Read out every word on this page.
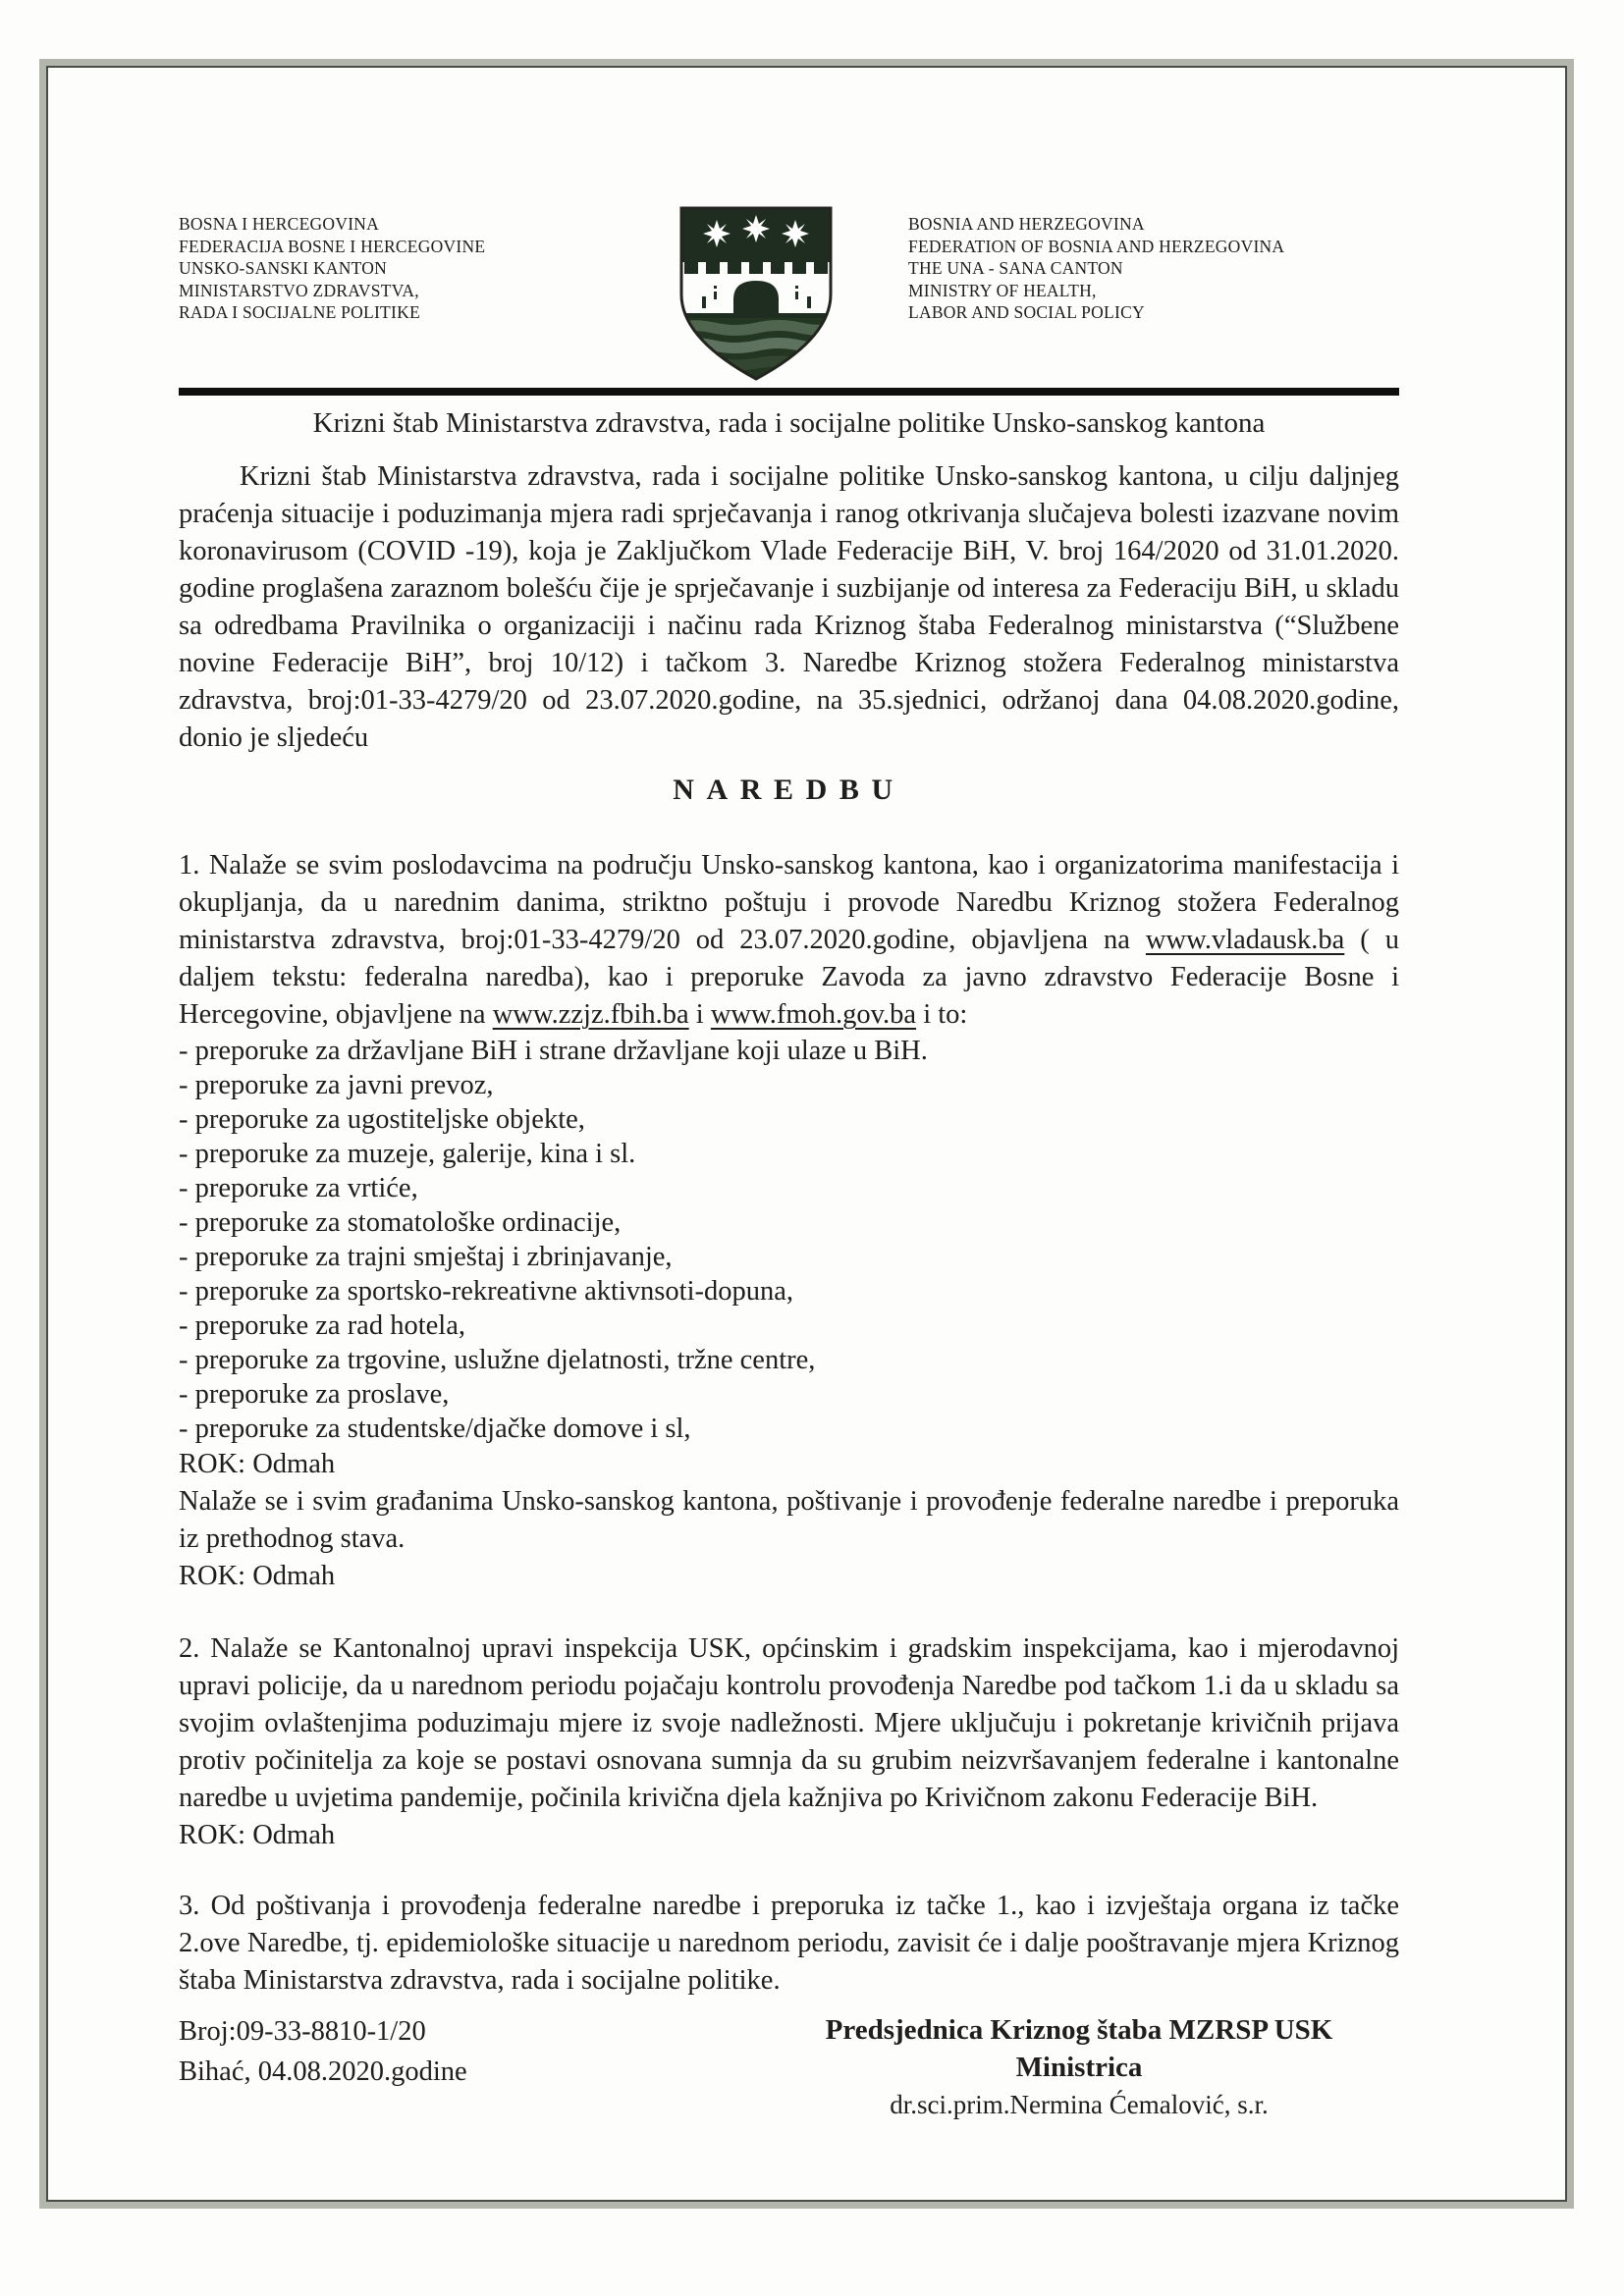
BOSNA I HERCEGOVINA
FEDERACIJA BOSNE I HERCEGOVINE
UNSKO-SANSKI KANTON
MINISTARSTVO ZDRAVSTVA,
RADA I SOCIJALNE POLITIKE
BOSNIA AND HERZEGOVINA
FEDERATION OF BOSNIA AND HERZEGOVINA
THE UNA - SANA CANTON
MINISTRY OF HEALTH,
LABOR AND SOCIAL POLICY
Krizni štab Ministarstva zdravstva, rada i socijalne politike Unsko-sanskog kantona

Krizni štab Ministarstva zdravstva, rada i socijalne politike Unsko-sanskog kantona, u cilju daljnjeg praćenja situacije i poduzimanja mjera radi sprječavanja i ranog otkrivanja slučajeva bolesti izazvane novim koronavirusom (COVID -19), koja je Zaključkom Vlade Federacije BiH, V. broj 164/2020 od 31.01.2020. godine proglašena zaraznom bolešću čije je sprječavanje i suzbijanje od interesa za Federaciju BiH, u skladu sa odredbama Pravilnika o organizaciji i načinu rada Kriznog štaba Federalnog ministarstva (“Službene novine Federacije BiH”, broj 10/12) i tačkom 3. Naredbe Kriznog stožera Federalnog ministarstva zdravstva, broj:01-33-4279/20 od 23.07.2020.godine, na 35.sjednici, održanoj dana 04.08.2020.godine, donio je sljedeću

NAREDBU

1. Nalaže se svim poslodavcima na području Unsko-sanskog kantona, kao i organizatorima manifestacija i okupljanja, da u narednim danima, striktno poštuju i provode Naredbu Kriznog stožera Federalnog ministarstva zdravstva, broj:01-33-4279/20 od 23.07.2020.godine, objavljena na www.vladausk.ba ( u daljem tekstu: federalna naredba), kao i preporuke Zavoda za javno zdravstvo Federacije Bosne i Hercegovine, objavljene na www.zzjz.fbih.ba i www.fmoh.gov.ba i to:

- preporuke za državljane BiH i strane državljane koji ulaze u BiH.
- preporuke za javni prevoz,
- preporuke za ugostiteljske objekte,
- preporuke za muzeje, galerije, kina i sl.
- preporuke za vrtiće,
- preporuke za stomatološke ordinacije,
- preporuke za trajni smještaj i zbrinjavanje,
- preporuke za sportsko-rekreativne aktivnsoti-dopuna,
- preporuke za rad hotela,
- preporuke za trgovine, uslužne djelatnosti, tržne centre,
- preporuke za proslave,
- preporuke za studentske/djačke domove i sl,
ROK: Odmah

Nalaže se i svim građanima Unsko-sanskog kantona, poštivanje i provođenje federalne naredbe i preporuka iz prethodnog stava.

ROK: Odmah

2. Nalaže se Kantonalnoj upravi inspekcija USK, općinskim i gradskim inspekcijama, kao i mjerodavnoj upravi policije, da u narednom periodu pojačaju kontrolu provođenja Naredbe pod tačkom 1.i da u skladu sa svojim ovlaštenjima poduzimaju mjere iz svoje nadležnosti. Mjere uključuju i pokretanje krivičnih prijava protiv počinitelja za koje se postavi osnovana sumnja da su grubim neizvršavanjem federalne i kantonalne naredbe u uvjetima pandemije, počinila krivična djela kažnjiva po Krivičnom zakonu Federacije BiH.

ROK: Odmah

3. Od poštivanja i provođenja federalne naredbe i preporuka iz tačke 1., kao i izvještaja organa iz tačke 2.ove Naredbe, tj. epidemiološke situacije u narednom periodu, zavisit će i dalje pooštravanje mjera Kriznog štaba Ministarstva zdravstva, rada i socijalne politike.

Broj:09-33-8810-1/20
Bihać, 04.08.2020.godine
Predsjednica Kriznog štaba MZRSP USK
Ministrica
dr.sci.prim.Nermina Ćemalović, s.r.
